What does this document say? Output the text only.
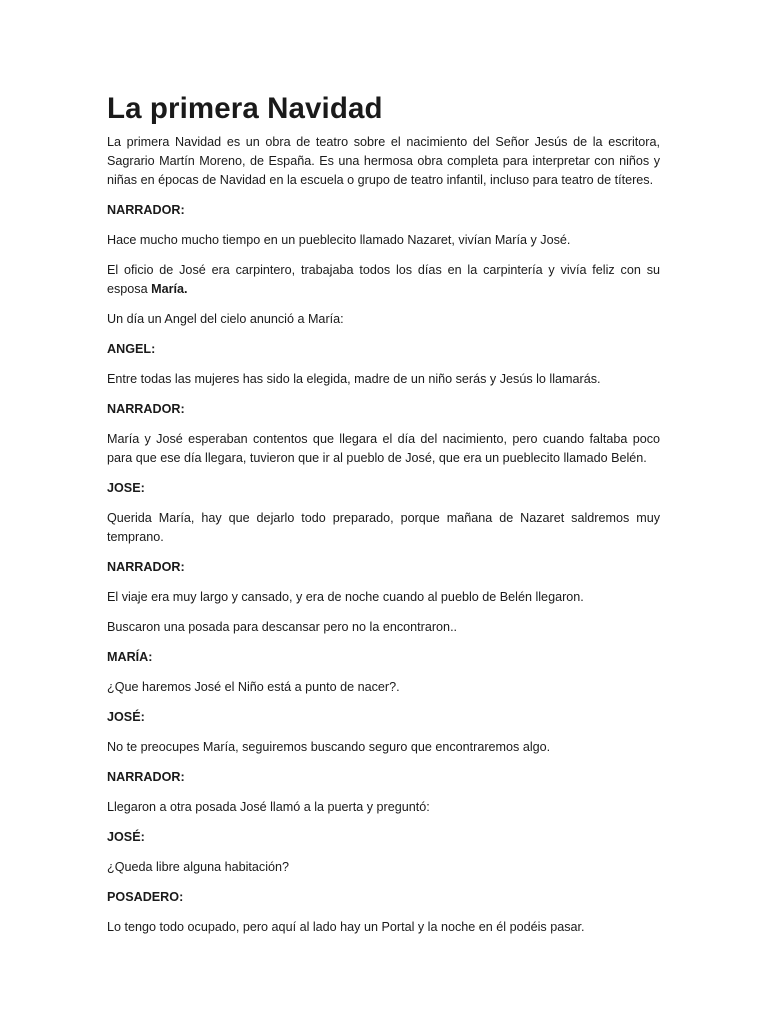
La primera Navidad

La primera Navidad es un obra de teatro sobre el nacimiento del Señor Jesús de la escritora, Sagrario Martín Moreno, de España. Es una hermosa obra completa para interpretar con niños y niñas en épocas de Navidad en la escuela o grupo de teatro infantil, incluso para teatro de títeres.

NARRADOR:

Hace mucho mucho tiempo en un pueblecito llamado Nazaret, vivían María y José.

El oficio de José era carpintero, trabajaba todos los días en la carpintería y vivía feliz con su esposa María.

Un día un Angel del cielo anunció a María:

ANGEL:

Entre todas las mujeres has sido la elegida, madre de un niño serás y Jesús lo llamarás.

NARRADOR:

María y José esperaban contentos que llegara el día del nacimiento, pero cuando faltaba poco para que ese día llegara, tuvieron que ir al pueblo de José, que era un pueblecito llamado Belén.

JOSE:

Querida María, hay que dejarlo todo preparado, porque mañana de Nazaret saldremos muy temprano.

NARRADOR:

El viaje era muy largo y cansado, y era de noche cuando al pueblo de Belén llegaron.

Buscaron una posada para descansar pero no la encontraron..

MARÍA:

¿Que haremos José el Niño está a punto de nacer?.

JOSÉ:

No te preocupes María, seguiremos buscando seguro que encontraremos algo.

NARRADOR:

Llegaron a otra posada José llamó a la puerta y preguntó:

JOSÉ:

¿Queda libre alguna habitación?

POSADERO:

Lo tengo todo ocupado, pero aquí al lado hay un Portal y la noche en él podéis pasar.
